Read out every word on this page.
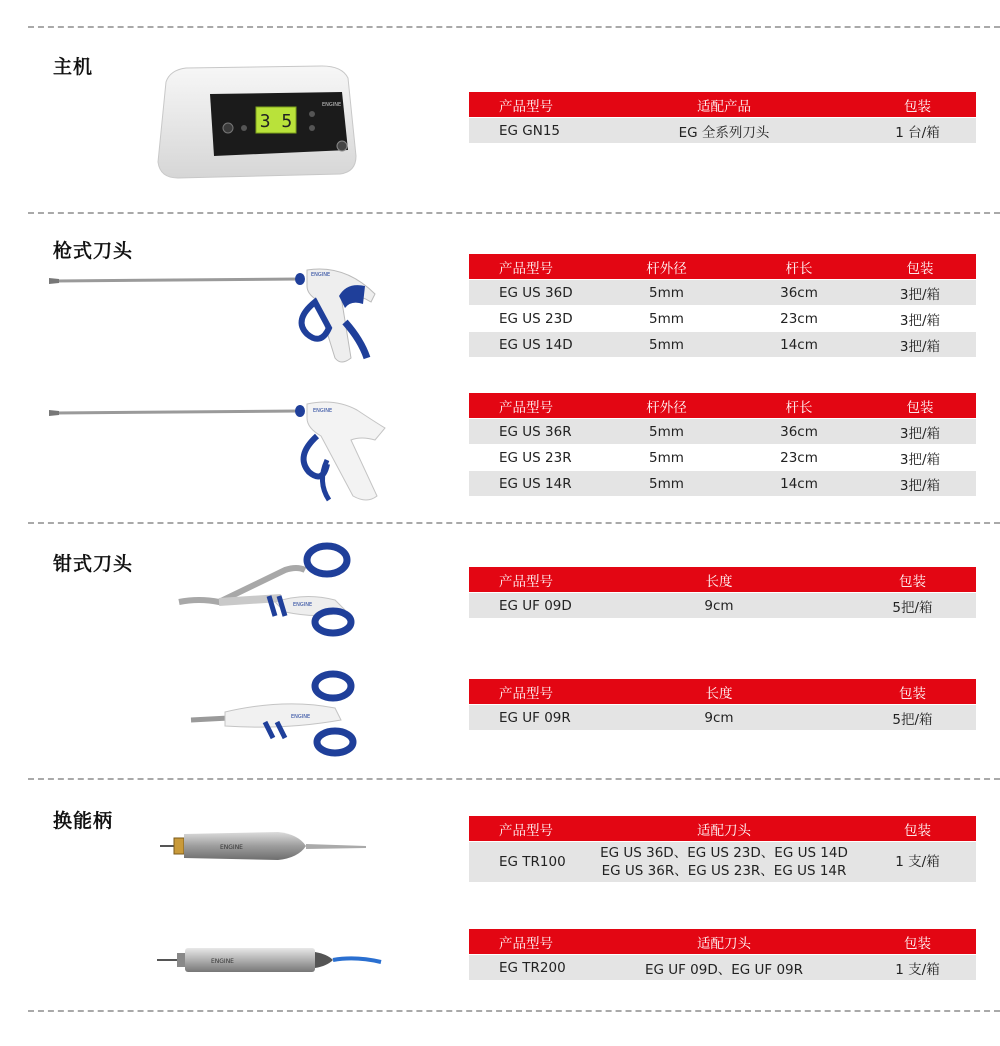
主机
枪式刀头
钳式刀头
换能柄
3 5
ENGINE
ENGINE
ENGINE
ENGINE
ENGINE
ENGINE
ENGINE
产品型号	适配产品	包装
EG GN15	EG 全系列刀头	1 台/箱
产品型号	杆外径	杆长	包装
EG US 36D	5mm	36cm	3把/箱
EG US 23D	5mm	23cm	3把/箱
EG US 14D	5mm	14cm	3把/箱
产品型号	杆外径	杆长	包装
EG US 36R	5mm	36cm	3把/箱
EG US 23R	5mm	23cm	3把/箱
EG US 14R	5mm	14cm	3把/箱
产品型号	长度	包装
EG UF 09D	9cm	5把/箱
产品型号	长度	包装
EG UF 09R	9cm	5把/箱
产品型号	适配刀头	包装
EG TR100	EG US 36D、EG US 23D、EG US 14D
EG US 36R、EG US 23R、EG US 14R	1 支/箱
产品型号	适配刀头	包装
EG TR200	EG UF 09D、EG UF 09R	1 支/箱
